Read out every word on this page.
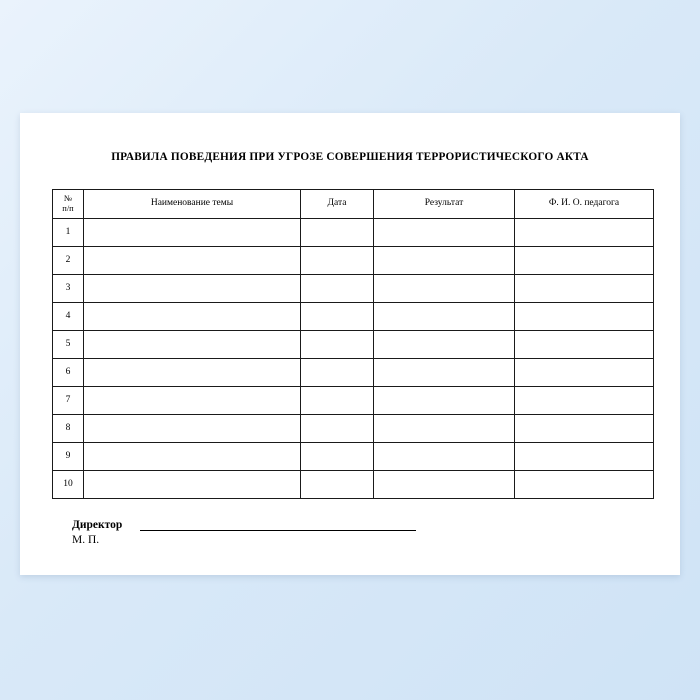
ПРАВИЛА ПОВЕДЕНИЯ ПРИ УГРОЗЕ СОВЕРШЕНИЯ ТЕРРОРИСТИЧЕСКОГО АКТА
№
п/п	Наименование темы	Дата	Результат	Ф. И. О. педагога
1				
2				
3				
4				
5				
6				
7				
8				
9				
10				
Директор
М. П.
